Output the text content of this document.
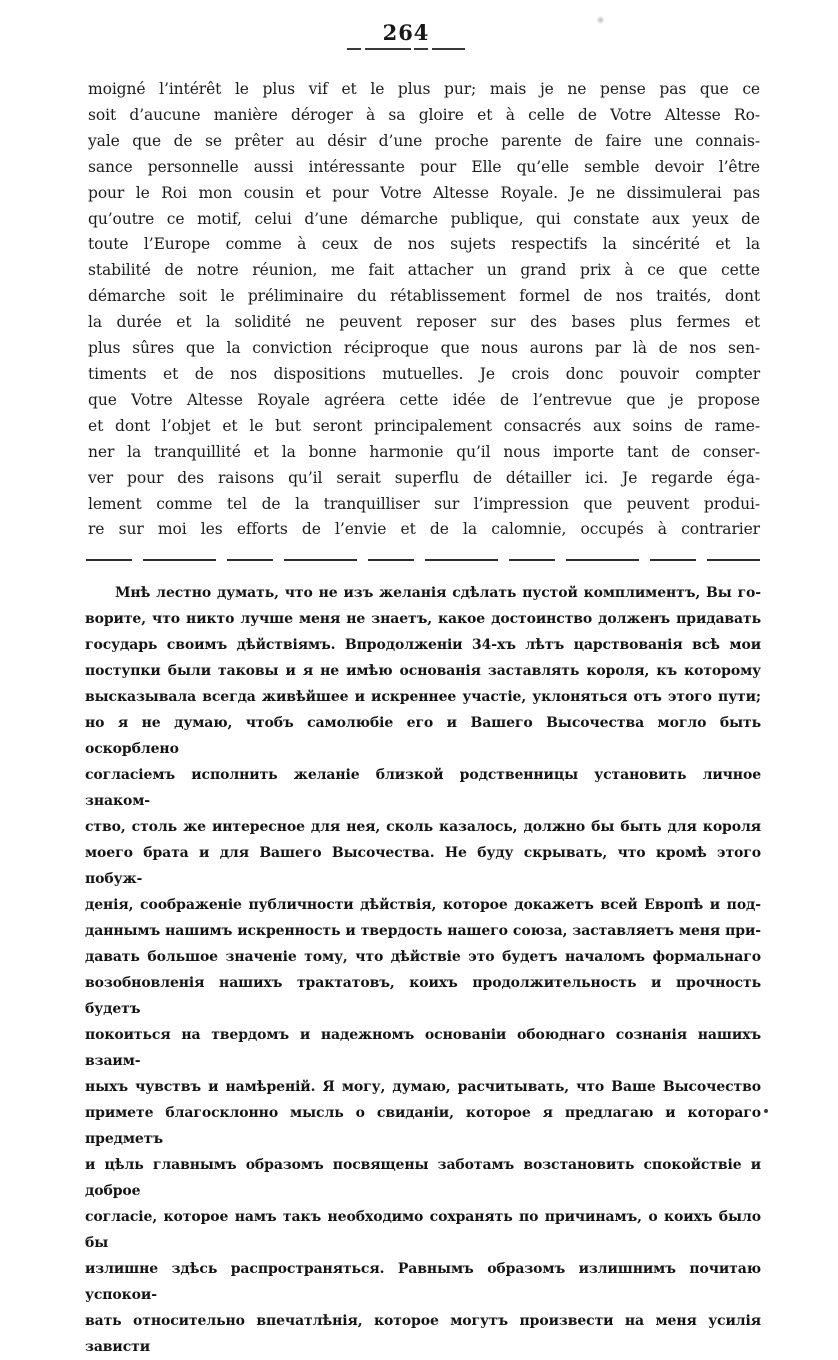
264
moigné l’intérêt le plus vif et le plus pur; mais je ne pense pas que ce
soit d’aucune manière déroger à sa gloire et à celle de Votre Altesse Ro-
yale que de se prêter au désir d’une proche parente de faire une connais-
sance personnelle aussi intéressante pour Elle qu’elle semble devoir l’être
pour le Roi mon cousin et pour Votre Altesse Royale. Je ne dissimulerai pas
qu’outre ce motif, celui d’une démarche publique, qui constate aux yeux de
toute l’Europe comme à ceux de nos sujets respectifs la sincérité et la
stabilité de notre réunion, me fait attacher un grand prix à ce que cette
démarche soit le préliminaire du rétablissement formel de nos traités, dont
la durée et la solidité ne peuvent reposer sur des bases plus fermes et
plus sûres que la conviction réciproque que nous aurons par là de nos sen-
timents et de nos dispositions mutuelles. Je crois donc pouvoir compter
que Votre Altesse Royale agréera cette idée de l’entrevue que je propose
et dont l’objet et le but seront principalement consacrés aux soins de rame-
ner la tranquillité et la bonne harmonie qu’il nous importe tant de conser-
ver pour des raisons qu’il serait superflu de détailler ici. Je regarde éga-
lement comme tel de la tranquilliser sur l’impression que peuvent produi-
re sur moi les efforts de l’envie et de la calomnie, occupés à contrarier
Мнѣ лестно думать, что не изъ желанія сдѣлать пустой комплиментъ, Вы го-
ворите, что никто лучше меня не знаетъ, какое достоинство долженъ придавать
государь своимъ дѣйствіямъ. Впродолженіи 34-хъ лѣтъ царствованія всѣ мои
поступки были таковы и я не имѣю основанія заставлять короля, къ которому
высказывала всегда живѣйшее и искреннее участіе, уклоняться отъ этого пути;
но я не думаю, чтобъ самолюбіе его и Вашего Высочества могло быть оскорблено
согласіемъ исполнить желаніе близкой родственницы установить личное знаком-
ство, столь же интересное для нея, сколь казалось, должно бы быть для короля
моего брата и для Вашего Высочества. Не буду скрывать, что кромѣ этого побуж-
денія, соображеніе публичности дѣйствія, которое докажетъ всей Европѣ и под-
даннымъ нашимъ искренность и твердость нашего союза, заставляетъ меня при-
давать большое значеніе тому, что дѣйствіе это будетъ началомъ формальнаго
возобновленія нашихъ трактатовъ, коихъ продолжительность и прочность будетъ
покоиться на твердомъ и надежномъ основаніи обоюднаго сознанія нашихъ взаим-
ныхъ чувствъ и намѣреній. Я могу, думаю, расчитывать, что Ваше Высочество
примете благосклонно мысль о свиданіи, которое я предлагаю и котораго предметъ
и цѣль главнымъ образомъ посвящены заботамъ возстановить спокойствіе и доброе
согласіе, которое намъ такъ необходимо сохранять по причинамъ, о коихъ было бы
излишне здѣсь распространяться. Равнымъ образомъ излишнимъ почитаю успокои-
вать относительно впечатлѣнія, которое могутъ произвести на меня усилія зависти
